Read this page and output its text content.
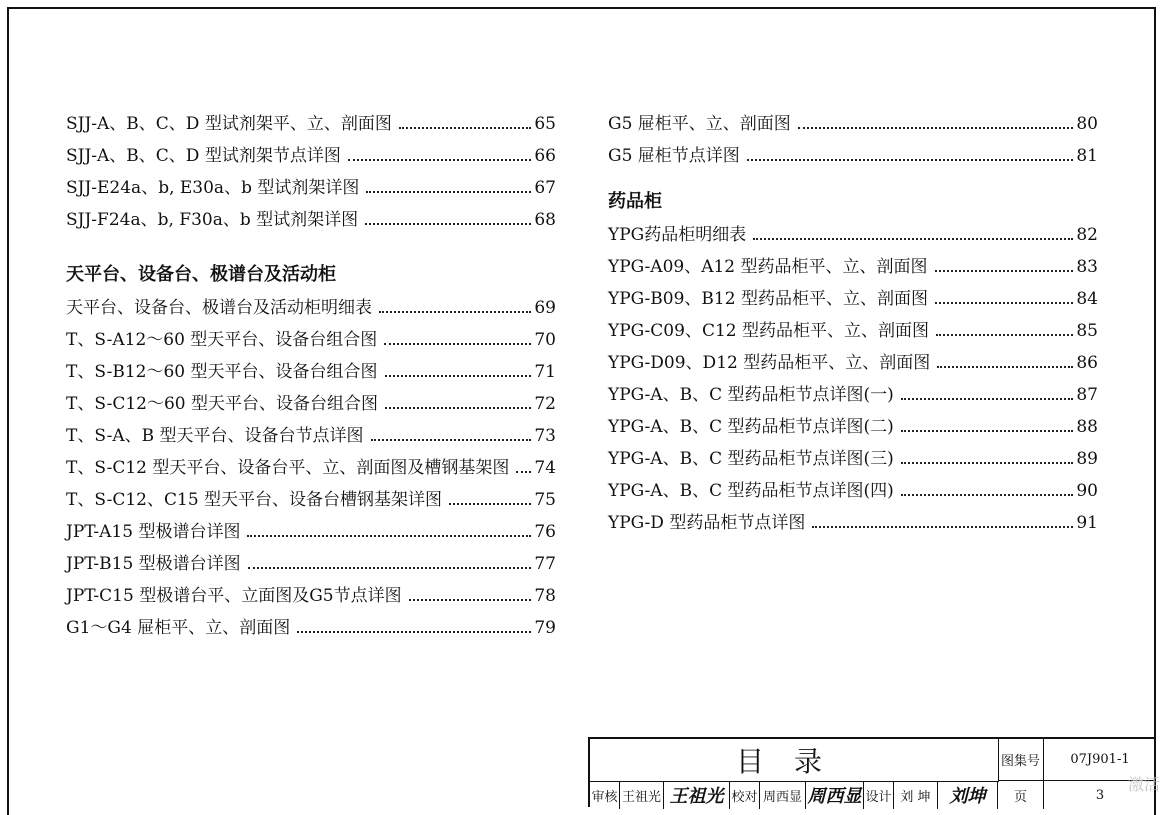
SJJ-A、B、C、D 型试剂架平、立、剖面图	65
SJJ-A、B、C、D 型试剂架节点详图	66
SJJ-E24a、b, E30a、b 型试剂架详图	67
SJJ-F24a、b, F30a、b 型试剂架详图	68
天平台、设备台、极谱台及活动柜
天平台、设备台、极谱台及活动柜明细表	69
T、S-A12～60 型天平台、设备台组合图	70
T、S-B12～60 型天平台、设备台组合图	71
T、S-C12～60 型天平台、设备台组合图	72
T、S-A、B 型天平台、设备台节点详图	73
T、S-C12 型天平台、设备台平、立、剖面图及槽钢基架图 74
T、S-C12、C15 型天平台、设备台槽钢基架详图	75
JPT-A15 型极谱台详图	76
JPT-B15 型极谱台详图	77
JPT-C15 型极谱台平、立面图及G5节点详图	78
G1～G4 屉柜平、立、剖面图	79
G5 屉柜平、立、剖面图	80
G5 屉柜节点详图	81
药品柜
YPG药品柜明细表	82
YPG-A09、A12 型药品柜平、立、剖面图	83
YPG-B09、B12 型药品柜平、立、剖面图	84
YPG-C09、C12 型药品柜平、立、剖面图	85
YPG-D09、D12 型药品柜平、立、剖面图	86
YPG-A、B、C 型药品柜节点详图(一)	87
YPG-A、B、C 型药品柜节点详图(二)	88
YPG-A、B、C 型药品柜节点详图(三)	89
YPG-A、B、C 型药品柜节点详图(四)	90
YPG-D 型药品柜节点详图	91
目录	图集号	07J901-1
审核 王祖光 王祖光 校对 周西显 周西显 设计 刘 坤	刘坤	页	3
激活
